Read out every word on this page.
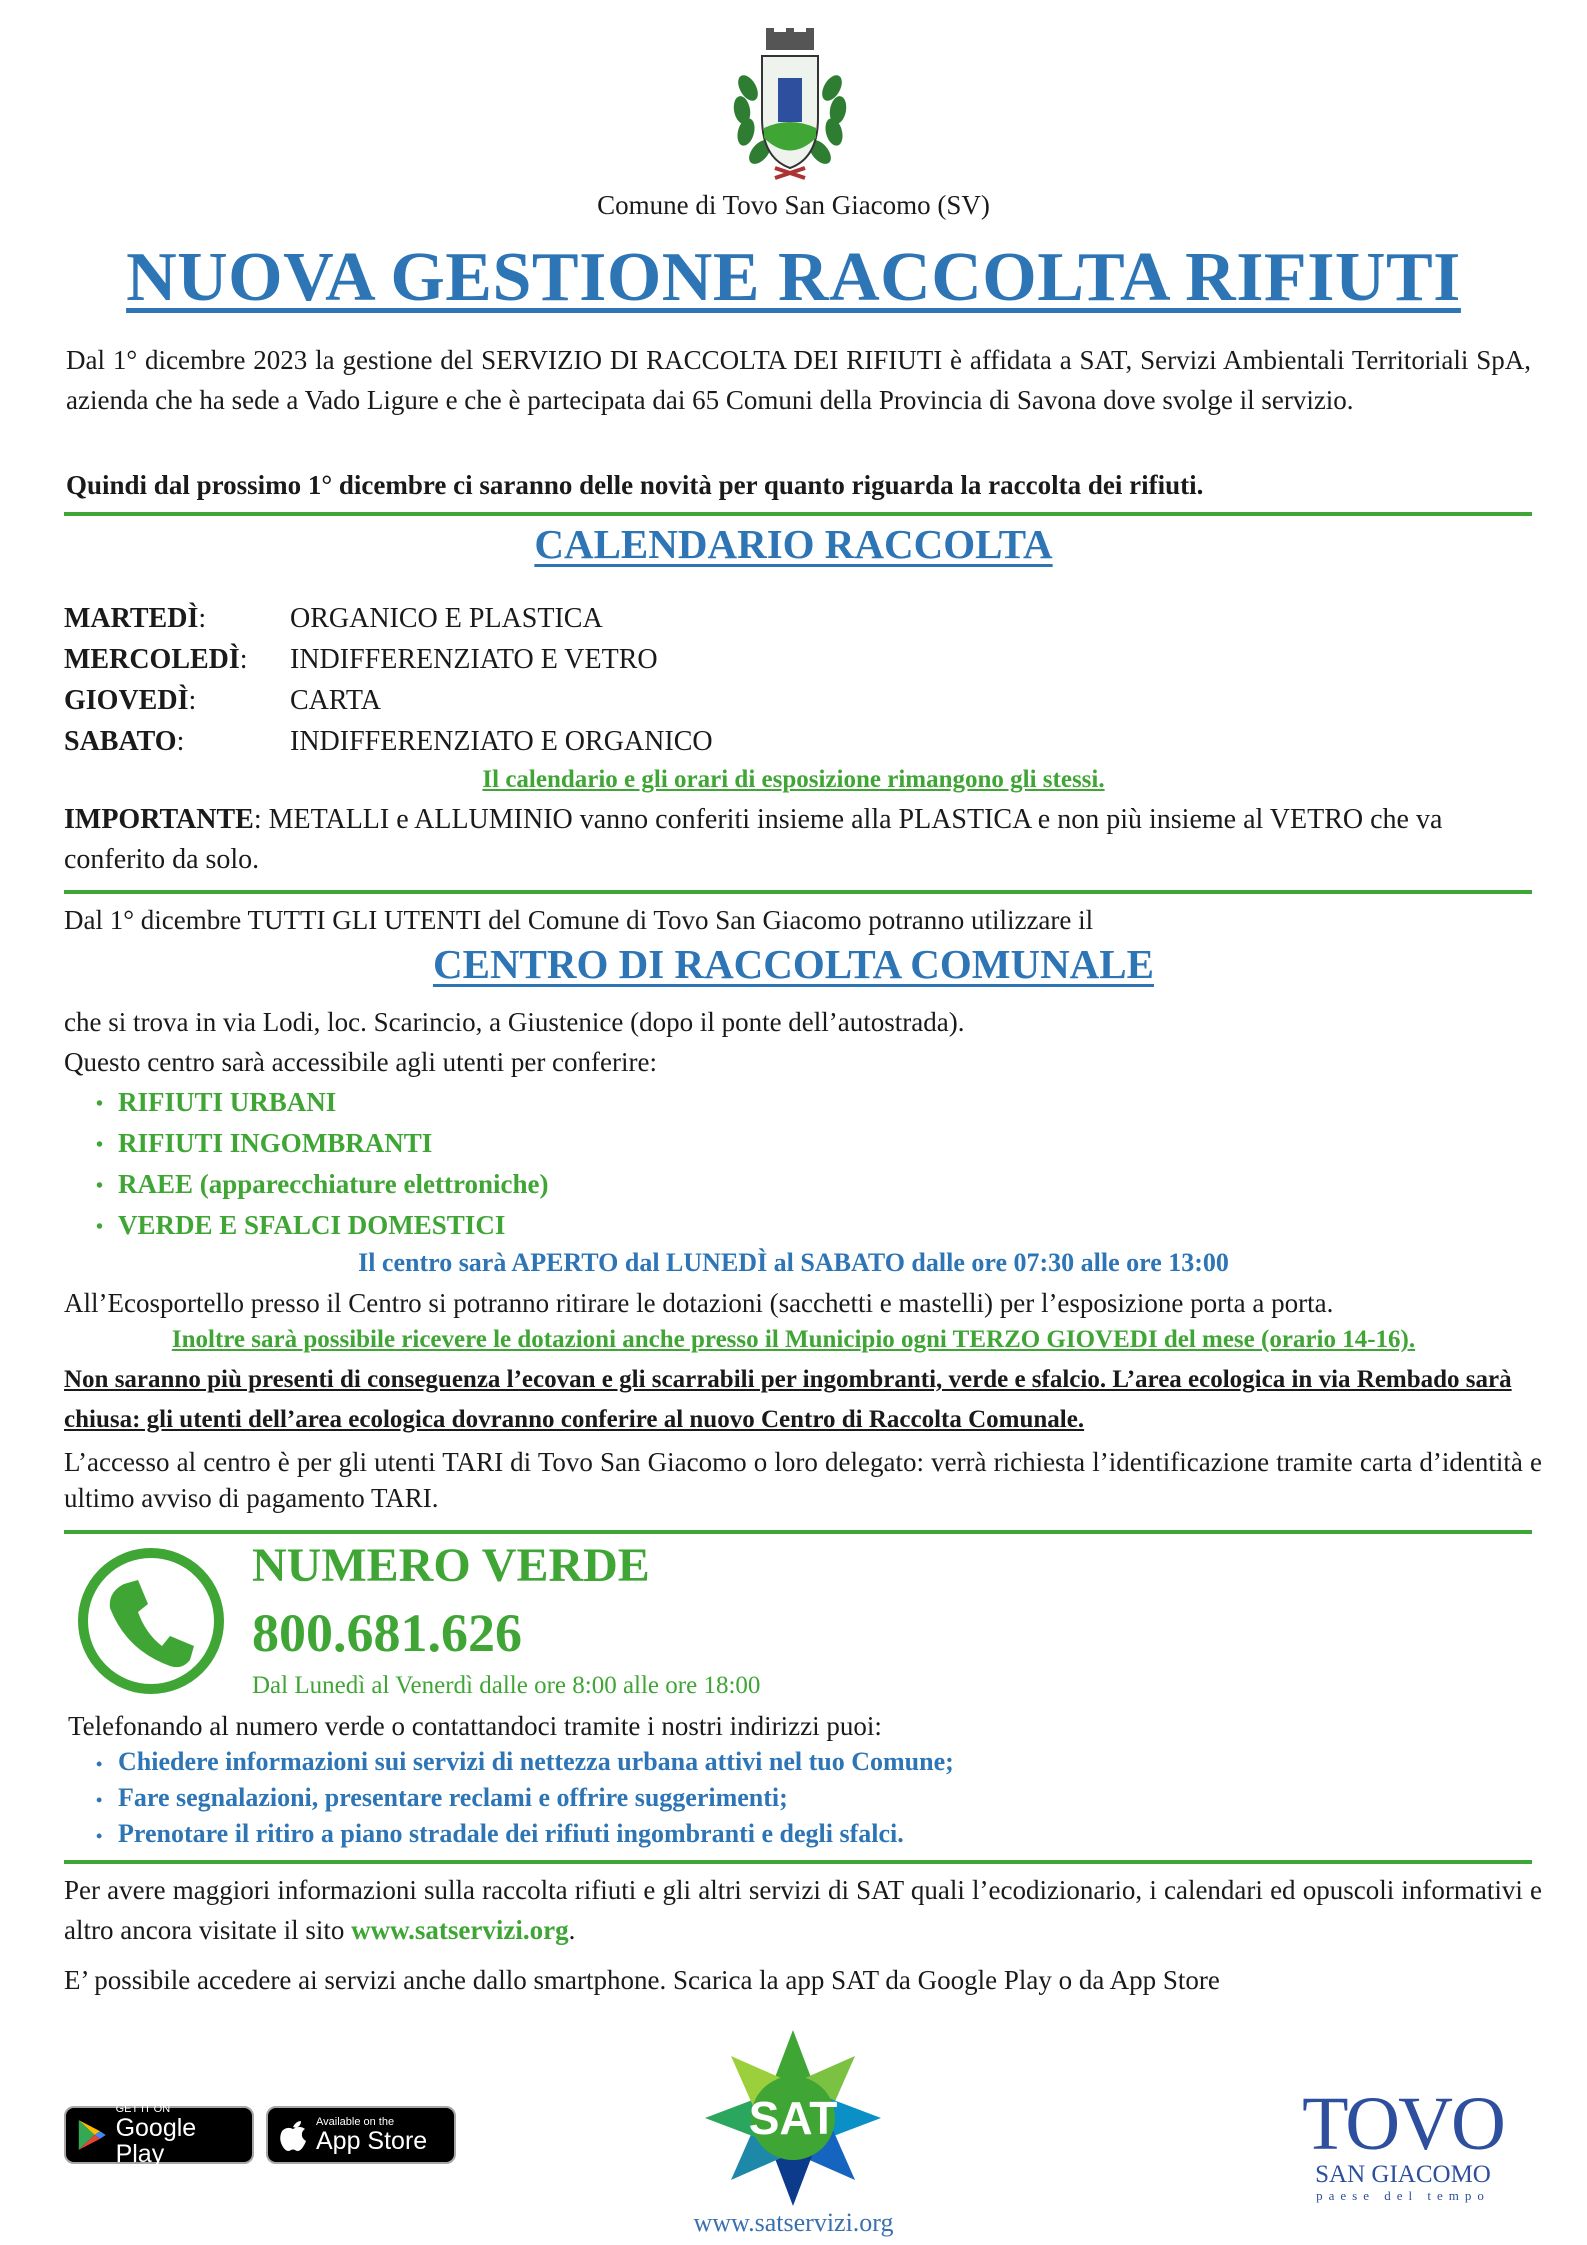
Comune di Tovo San Giacomo (SV)
NUOVA GESTIONE RACCOLTA RIFIUTI
Dal 1° dicembre 2023 la gestione del SERVIZIO DI RACCOLTA DEI RIFIUTI è affidata a SAT, Servizi Ambientali Territoriali SpA, azienda che ha sede a Vado Ligure e che è partecipata dai 65 Comuni della Provincia di Savona dove svolge il servizio.
Quindi dal prossimo 1° dicembre ci saranno delle novità per quanto riguarda la raccolta dei rifiuti.
CALENDARIO RACCOLTA
MARTEDÌ:	ORGANICO E PLASTICA
MERCOLEDÌ: INDIFFERENZIATO E VETRO
GIOVEDÌ:	CARTA
SABATO:	INDIFFERENZIATO E ORGANICO
Il calendario e gli orari di esposizione rimangono gli stessi.
IMPORTANTE: METALLI e ALLUMINIO vanno conferiti insieme alla PLASTICA e non più insieme al VETRO che va conferito da solo.
Dal 1° dicembre TUTTI GLI UTENTI del Comune di Tovo San Giacomo potranno utilizzare il
CENTRO DI RACCOLTA COMUNALE
che si trova in via Lodi, loc. Scarincio, a Giustenice (dopo il ponte dell’autostrada).
Questo centro sarà accessibile agli utenti per conferire:
• RIFIUTI URBANI
• RIFIUTI INGOMBRANTI
• RAEE (apparecchiature elettroniche)
• VERDE E SFALCI DOMESTICI
Il centro sarà APERTO dal LUNEDÌ al SABATO dalle ore 07:30 alle ore 13:00
All’Ecosportello presso il Centro si potranno ritirare le dotazioni (sacchetti e mastelli) per l’esposizione porta a porta.
Inoltre sarà possibile ricevere le dotazioni anche presso il Municipio ogni TERZO GIOVEDI del mese (orario 14-16).
Non saranno più presenti di conseguenza l’ecovan e gli scarrabili per ingombranti, verde e sfalcio. L’area ecologica in via Rembado sarà chiusa: gli utenti dell’area ecologica dovranno conferire al nuovo Centro di Raccolta Comunale.
L’accesso al centro è per gli utenti TARI di Tovo San Giacomo o loro delegato: verrà richiesta l’identificazione tramite carta d’identità e ultimo avviso di pagamento TARI.
NUMERO VERDE
800.681.626
Dal Lunedì al Venerdì dalle ore 8:00 alle ore 18:00
Telefonando al numero verde o contattandoci tramite i nostri indirizzi puoi:
• Chiedere informazioni sui servizi di nettezza urbana attivi nel tuo Comune;
• Fare segnalazioni, presentare reclami e offrire suggerimenti;
• Prenotare il ritiro a piano stradale dei rifiuti ingombranti e degli sfalci.
Per avere maggiori informazioni sulla raccolta rifiuti e gli altri servizi di SAT quali l’ecodizionario, i calendari ed opuscoli informativi e altro ancora visitate il sito www.satservizi.org.
E’ possibile accedere ai servizi anche dallo smartphone. Scarica la app SAT da Google Play o da App Store
GET IT ON
Google Play
Available on the
App Store	SAT
www.satservizi.org
TOVO
SAN GIACOMO
paese del tempo
